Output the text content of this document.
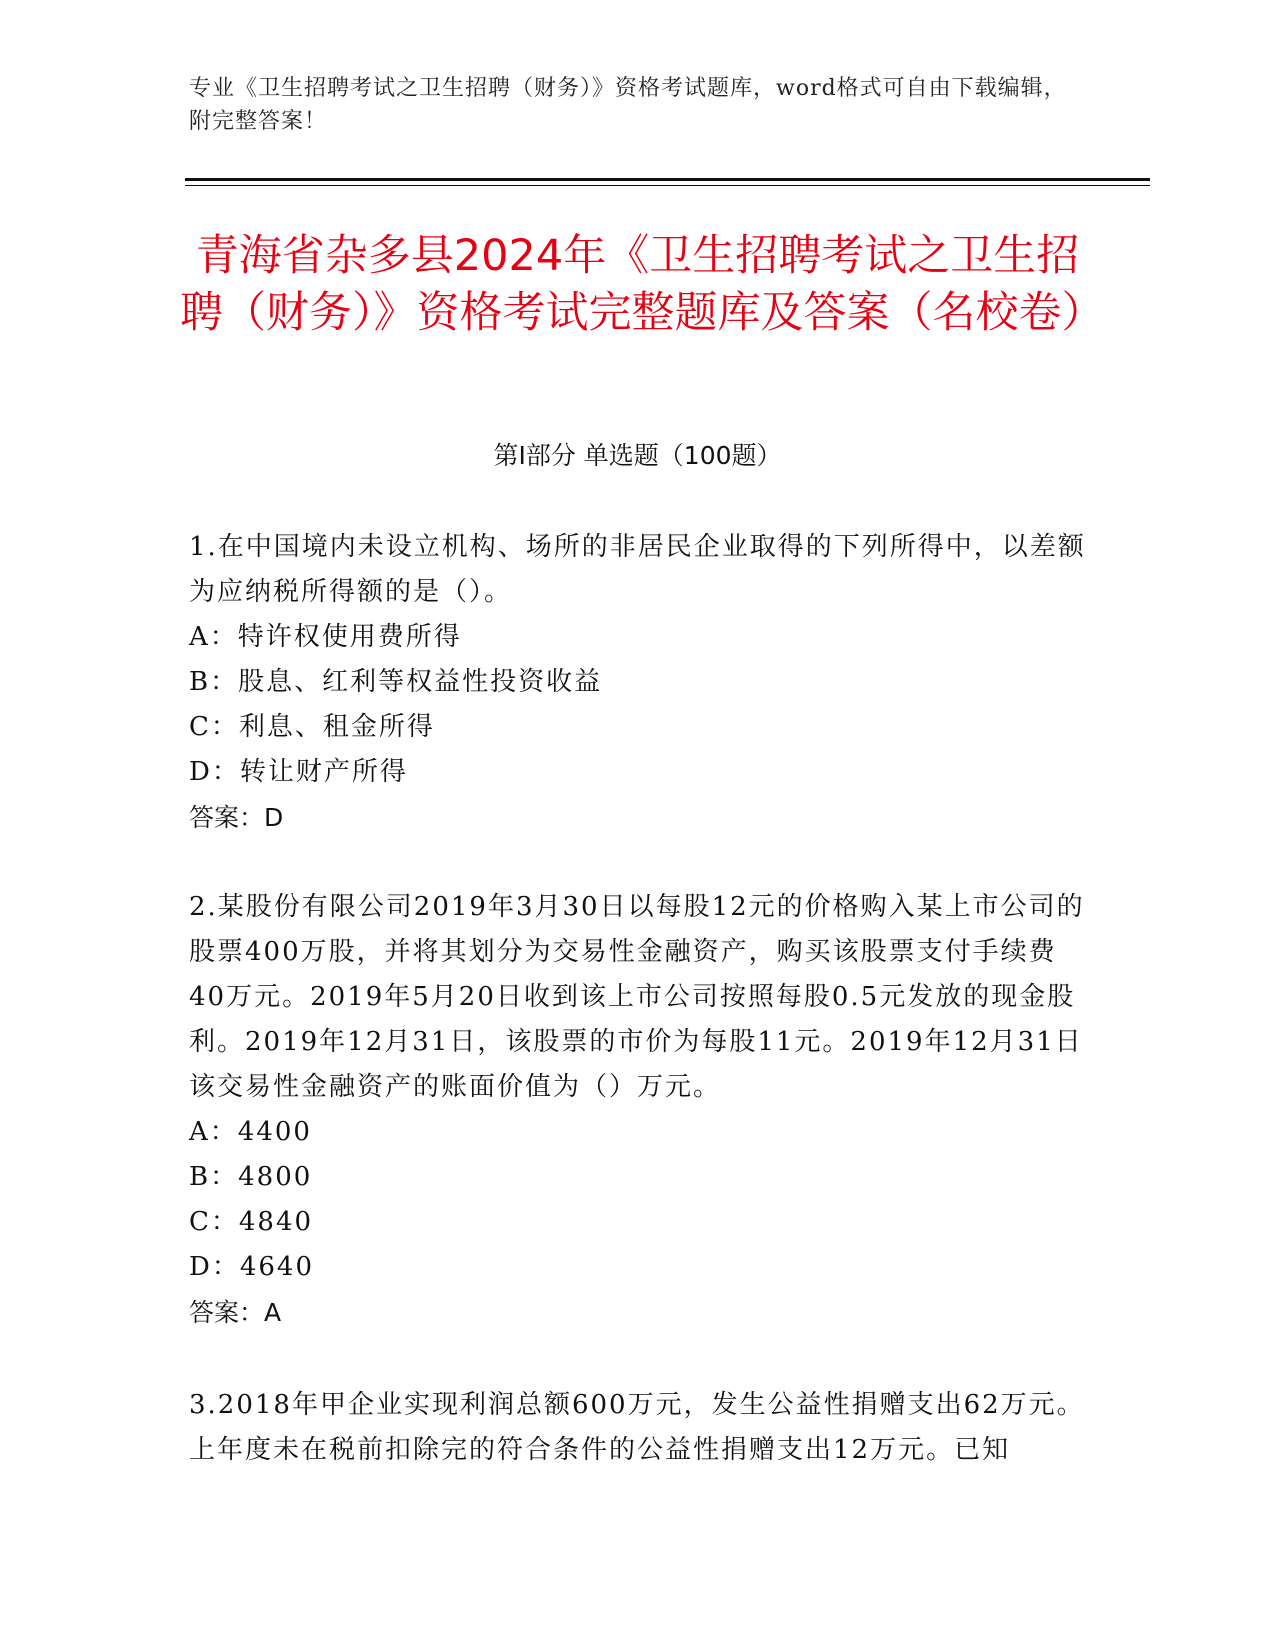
专业《卫生招聘考试之卫生招聘（财务）》资格考试题库，word格式可自由下载编辑，附完整答案！
青海省杂多县2024年《卫生招聘考试之卫生招聘（财务）》资格考试完整题库及答案（名校卷）
第Ⅰ部分 单选题（100题）

1.在中国境内未设立机构、场所的非居民企业取得的下列所得中，以差额为应纳税所得额的是（）。

A：特许权使用费所得

B：股息、红利等权益性投资收益

C：利息、租金所得

D：转让财产所得

答案：D

2.某股份有限公司2019年3月30日以每股12元的价格购入某上市公司的股票400万股，并将其划分为交易性金融资产，购买该股票支付手续费40万元。2019年5月20日收到该上市公司按照每股0.5元发放的现金股利。2019年12月31日，该股票的市价为每股11元。2019年12月31日该交易性金融资产的账面价值为（）万元。

A：4400

B：4800

C：4840

D：4640

答案：A

3.2018年甲企业实现利润总额600万元，发生公益性捐赠支出62万元。上年度未在税前扣除完的符合条件的公益性捐赠支出12万元。已知
